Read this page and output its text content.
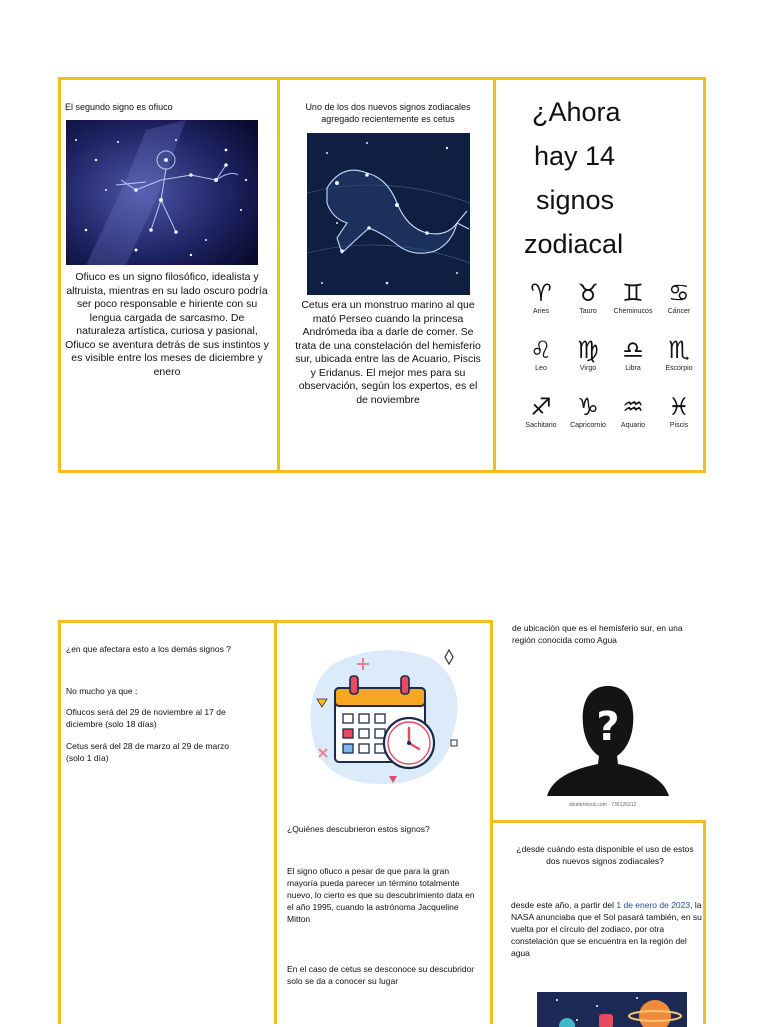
El segundo signo es ofiuco
Ofiuco es un signo filosófico, idealista y altruista, mientras en su lado oscuro podría ser poco responsable e hiriente con su lengua cargada de sarcasmo. De naturaleza artística, curiosa y pasional, Ofiuco se aventura detrás de sus instintos y es visible entre los meses de diciembre y enero
Uno de los dos nuevos signos zodiacales agregado recientemente es cetus
Cetus era un monstruo marino al que mató Perseo cuando la princesa Andrómeda iba a darle de comer. Se trata de una constelación del hemisferio sur, ubicada entre las de Acuario, Piscis y Eridanus. El mejor mes para su observación, según los expertos, es el de noviembre
¿Ahora
hay 14
signos
zodiacal
♈
Aries
♉
Tauro
♊
Cheminucos
♋
Cáncer
♌
Leo
♍
Virgo
♎
Libra
♏
Escorpio
♐
Sachitario
♑
Capricornio
♒
Aquario
♓
Piscis
¿en que afectara esto a los demás signos ?
No mucho ya que :
Ofiucos será del 29 de noviembre al 17 de diciembre (solo 18 días)
Cetus será del 28 de marzo al 29 de marzo (solo 1 día)
¿Quiénes descubrieron estos signos?
El signo ofiuco a pesar de que para la gran mayoría pueda parecer un término totalmente nuevo, lo cierto es que su descubrimiento data en el año 1995, cuando la astrónoma Jacqueline Mitton
En el caso de cetus se desconoce su descubridor solo se da a conocer su lugar
de ubicación que es el hemisferio sur, en una región conocida como Agua
?
shutterstock.com · 739126312
¿desde cuándo esta disponible el uso de estos dos nuevos signos zodiacales?
desde este año, a partir del 1 de enero de 2023, la NASA anunciaba que el Sol pasará también, en su vuelta por el círculo del zodiaco, por otra constelación que se encuentra en la región del agua
